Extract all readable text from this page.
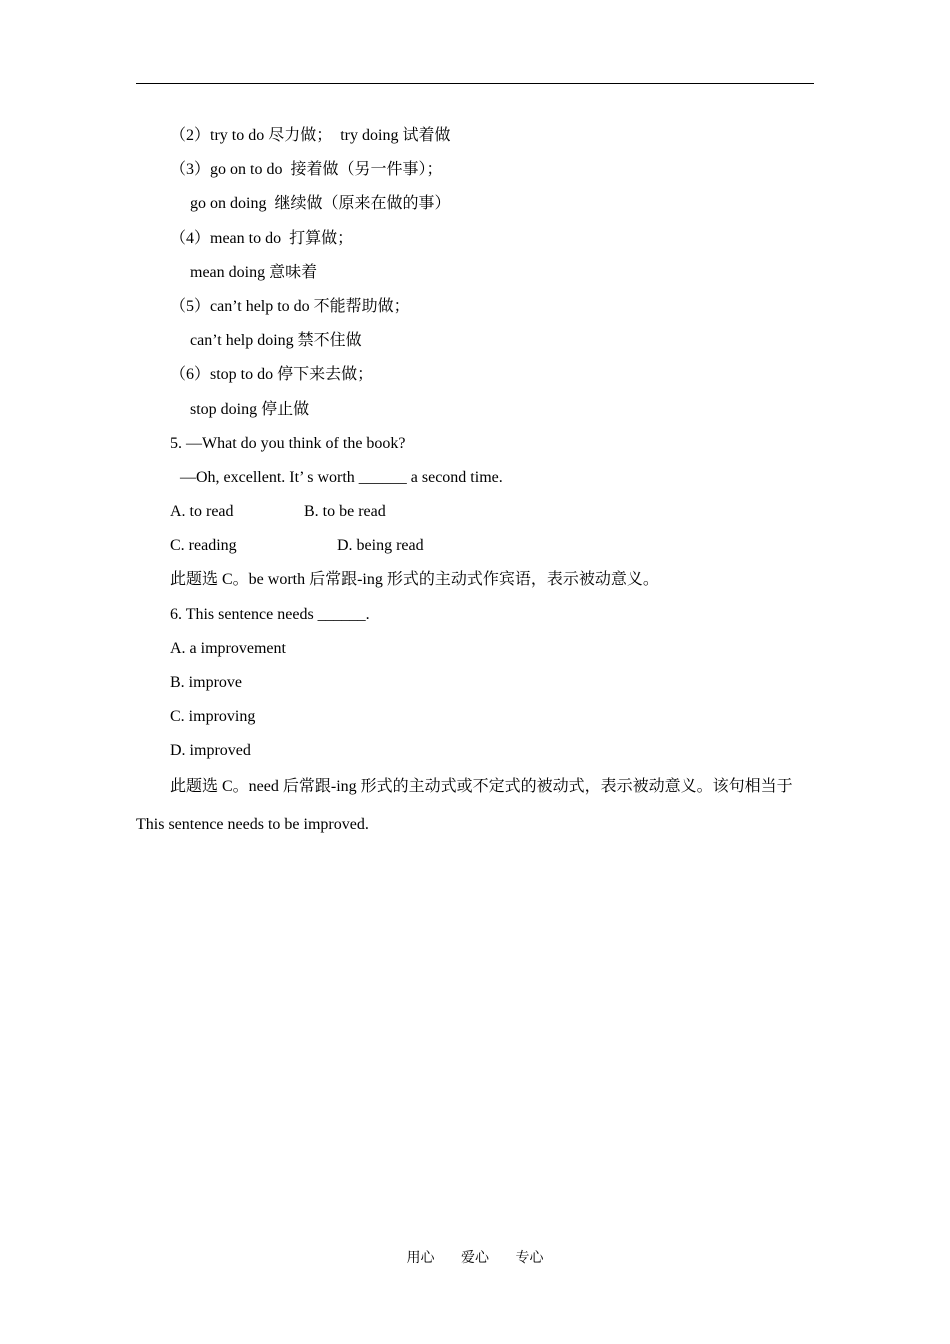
（2）try to do 尽力做；  try doing 试着做
（3）go on to do  接着做（另一件事）；
go on doing  继续做（原来在做的事）
（4）mean to do  打算做；
mean doing 意味着
（5）can’t help to do 不能帮助做；
can’t help doing 禁不住做
（6）stop to do 停下来去做；
stop doing 停止做
5. —What do you think of the book?
—Oh, excellent. It’ s worth ______ a second time.
A. to read	B. to be read
C. reading	D. being read
此题选 C。be worth 后常跟-ing 形式的主动式作宾语，表示被动意义。
6. This sentence needs ______.
A. a improvement
B. improve
C. improving
D. improved
此题选 C。need 后常跟-ing 形式的主动式或不定式的被动式，表示被动意义。该句相当于 This sentence needs to be improved.
用心 爱心 专心
